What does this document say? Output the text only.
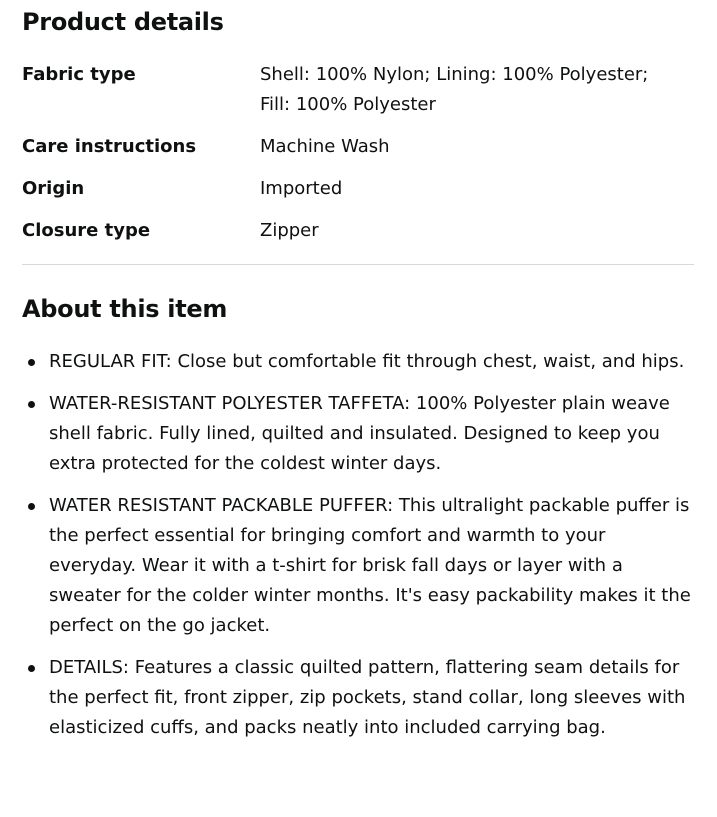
Product details
Fabric type	Shell: 100% Nylon; Lining: 100% Polyester;
Fill: 100% Polyester

Care instructions	Machine Wash
Origin	Imported
Closure type	Zipper
About this item
REGULAR FIT: Close but comfortable fit through chest, waist, and hips.
WATER-RESISTANT POLYESTER TAFFETA: 100% Polyester plain weave shell fabric. Fully lined, quilted and insulated. Designed to keep you extra protected for the coldest winter days.
WATER RESISTANT PACKABLE PUFFER: This ultralight packable puffer is the perfect essential for bringing comfort and warmth to your everyday. Wear it with a t-shirt for brisk fall days or layer with a sweater for the colder winter months. It's easy packability makes it the perfect on the go jacket.
DETAILS: Features a classic quilted pattern, flattering seam details for the perfect fit, front zipper, zip pockets, stand collar, long sleeves with elasticized cuffs, and packs neatly into included carrying bag.
